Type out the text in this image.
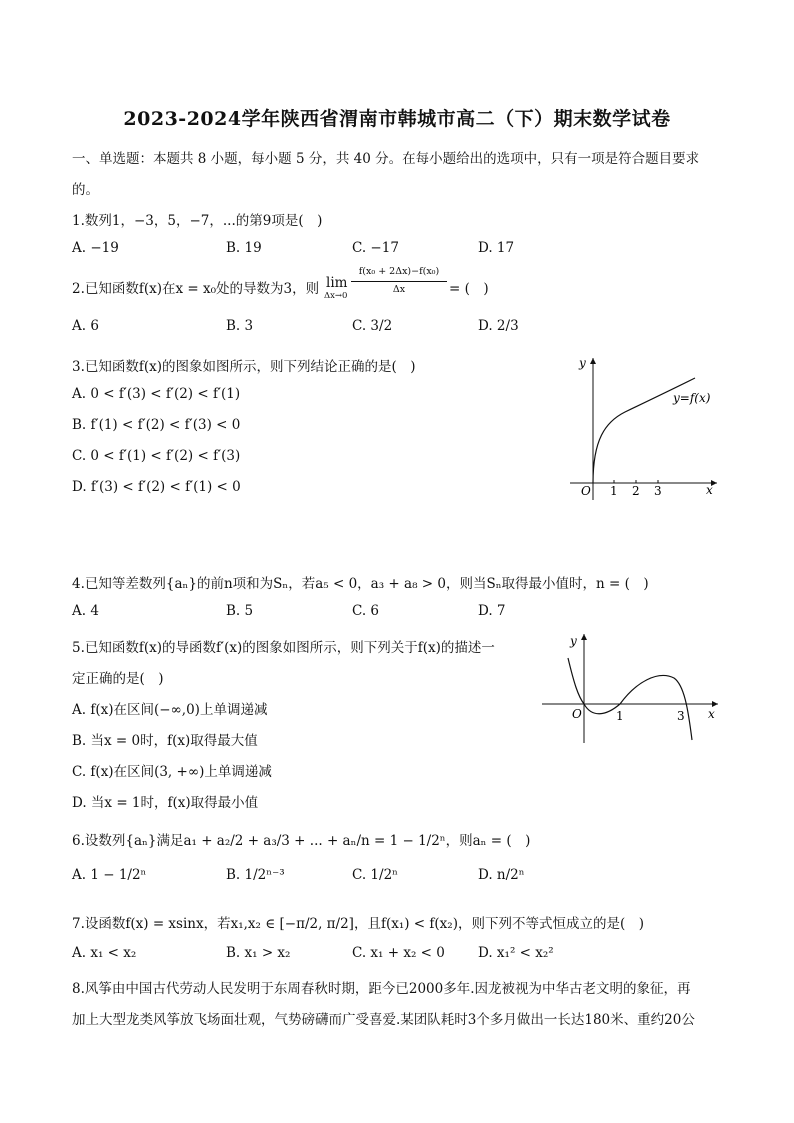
2023-2024学年陕西省渭南市韩城市高二（下）期末数学试卷
一、单选题：本题共 8 小题，每小题 5 分，共 40 分。在每小题给出的选项中，只有一项是符合题目要求
的。
1.数列1，−3，5，−7，...的第9项是(　)
A. −19	B. 19	C. −17	D. 17
2.已知函数f(x)在x = x₀处的导数为3，则 lim
Δx→0
f(x₀ + 2Δx)−f(x₀)
Δx	= (　)
A. 6	B. 3	C. 3/2	D. 2/3
3.已知函数f(x)的图象如图所示，则下列结论正确的是(　)
A. 0 < f′(3) < f′(2) < f′(1)
B. f′(1) < f′(2) < f′(3) < 0
C. 0 < f′(1) < f′(2) < f′(3)
D. f′(3) < f′(2) < f′(1) < 0
y
x
O 1 2 3
y=f(x)
4.已知等差数列{aₙ}的前n项和为Sₙ，若a₅ < 0，a₃ + a₈ > 0，则当Sₙ取得最小值时，n = (　)
A. 4	B. 5	C. 6	D. 7
5.已知函数f(x)的导函数f′(x)的图象如图所示，则下列关于f(x)的描述一
定正确的是(　)
A. f(x)在区间(−∞,0)上单调递减
B. 当x = 0时，f(x)取得最大值
C. f(x)在区间(3, +∞)上单调递减
D. 当x = 1时，f(x)取得最小值
y
x
O	1	3
6.设数列{aₙ}满足a₁ + a₂/2 + a₃/3 + ... + aₙ/n = 1 − 1/2ⁿ，则aₙ = (　)
A. 1 − 1/2ⁿ	B. 1/2ⁿ⁻³	C. 1/2ⁿ	D. n/2ⁿ
7.设函数f(x) = xsinx，若x₁,x₂ ∈ [−π/2, π/2]，且f(x₁) < f(x₂)，则下列不等式恒成立的是(　)
A. x₁ < x₂	B. x₁ > x₂	C. x₁ + x₂ < 0 D. x₁² < x₂²
8.风筝由中国古代劳动人民发明于东周春秋时期，距今已2000多年.因龙被视为中华古老文明的象征，再
加上大型龙类风筝放飞场面壮观，气势磅礴而广受喜爱.某团队耗时3个多月做出一长达180米、重约20公
